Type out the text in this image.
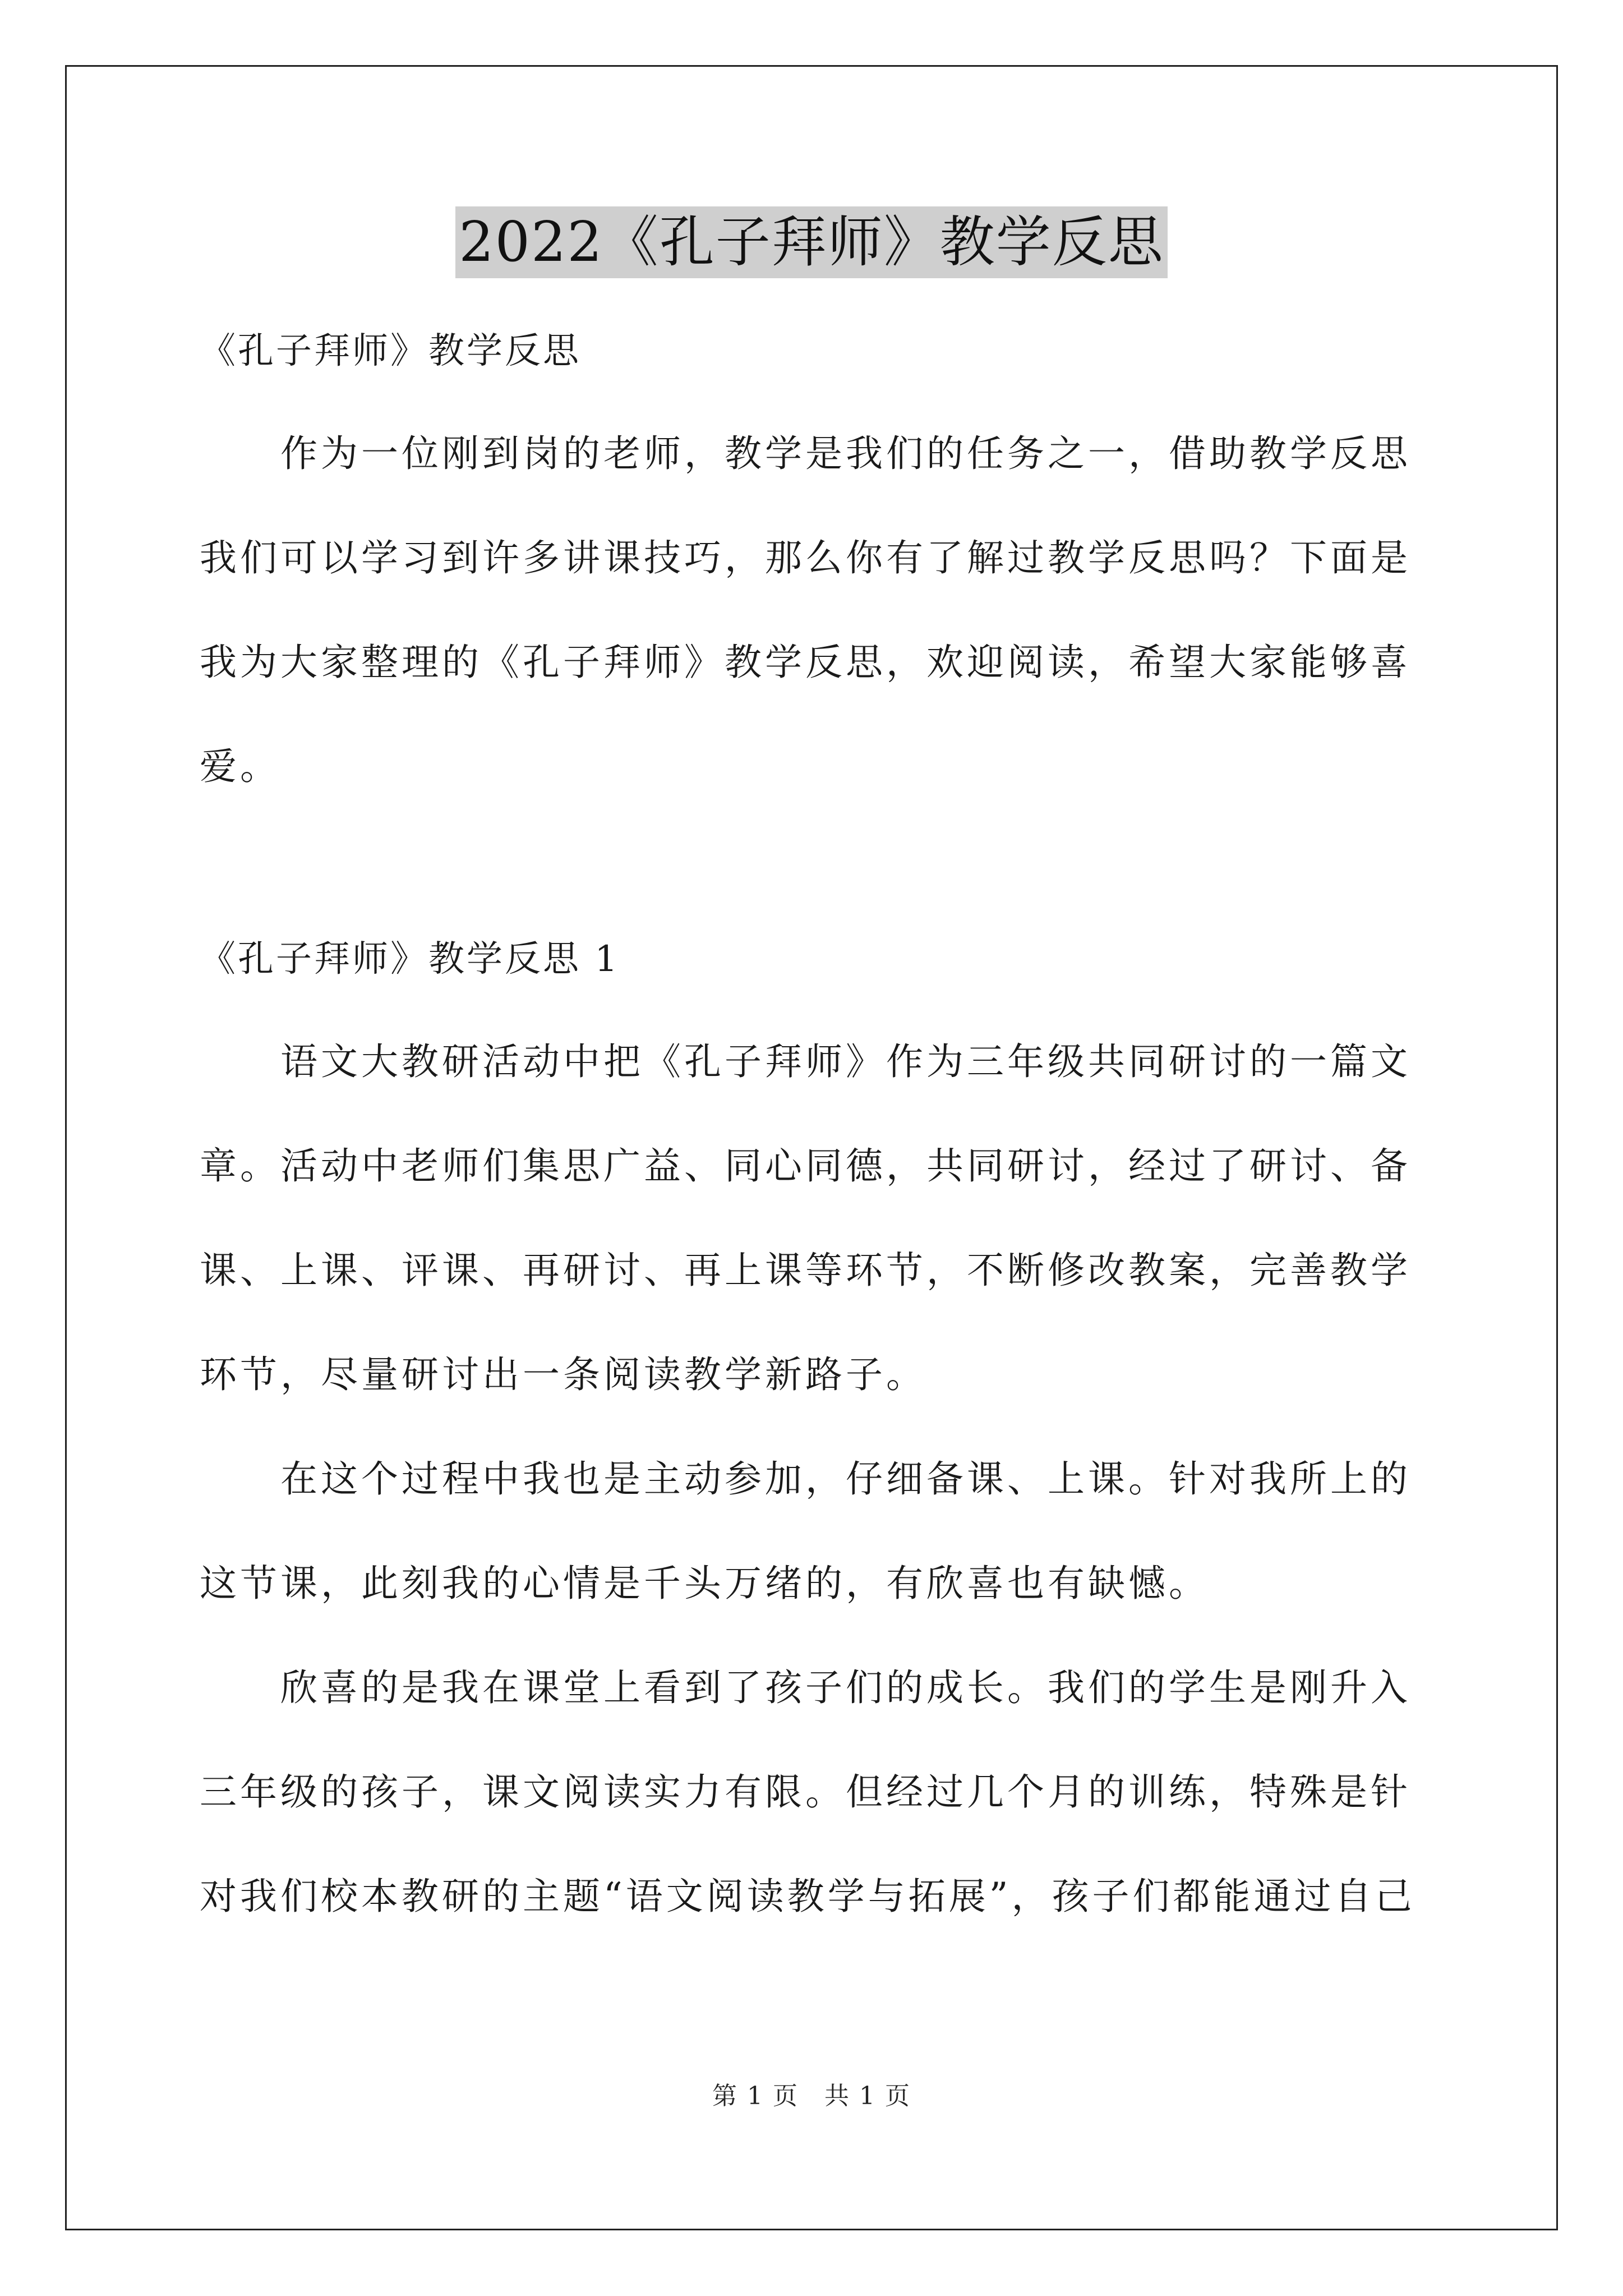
2022《孔子拜师》教学反思

《孔子拜师》教学反思

作为一位刚到岗的老师，教学是我们的任务之一，借助教学反思

我们可以学习到许多讲课技巧，那么你有了解过教学反思吗？下面是

我为大家整理的《孔子拜师》教学反思，欢迎阅读，希望大家能够喜

爱。

《孔子拜师》教学反思 1

语文大教研活动中把《孔子拜师》作为三年级共同研讨的一篇文

章。活动中老师们集思广益、同心同德，共同研讨，经过了研讨、备

课、上课、评课、再研讨、再上课等环节，不断修改教案，完善教学

环节，尽量研讨出一条阅读教学新路子。

在这个过程中我也是主动参加，仔细备课、上课。针对我所上的

这节课，此刻我的心情是千头万绪的，有欣喜也有缺憾。

欣喜的是我在课堂上看到了孩子们的成长。我们的学生是刚升入

三年级的孩子，课文阅读实力有限。但经过几个月的训练，特殊是针

对我们校本教研的主题“语文阅读教学与拓展”，孩子们都能通过自己

第 1 页　共 1 页
